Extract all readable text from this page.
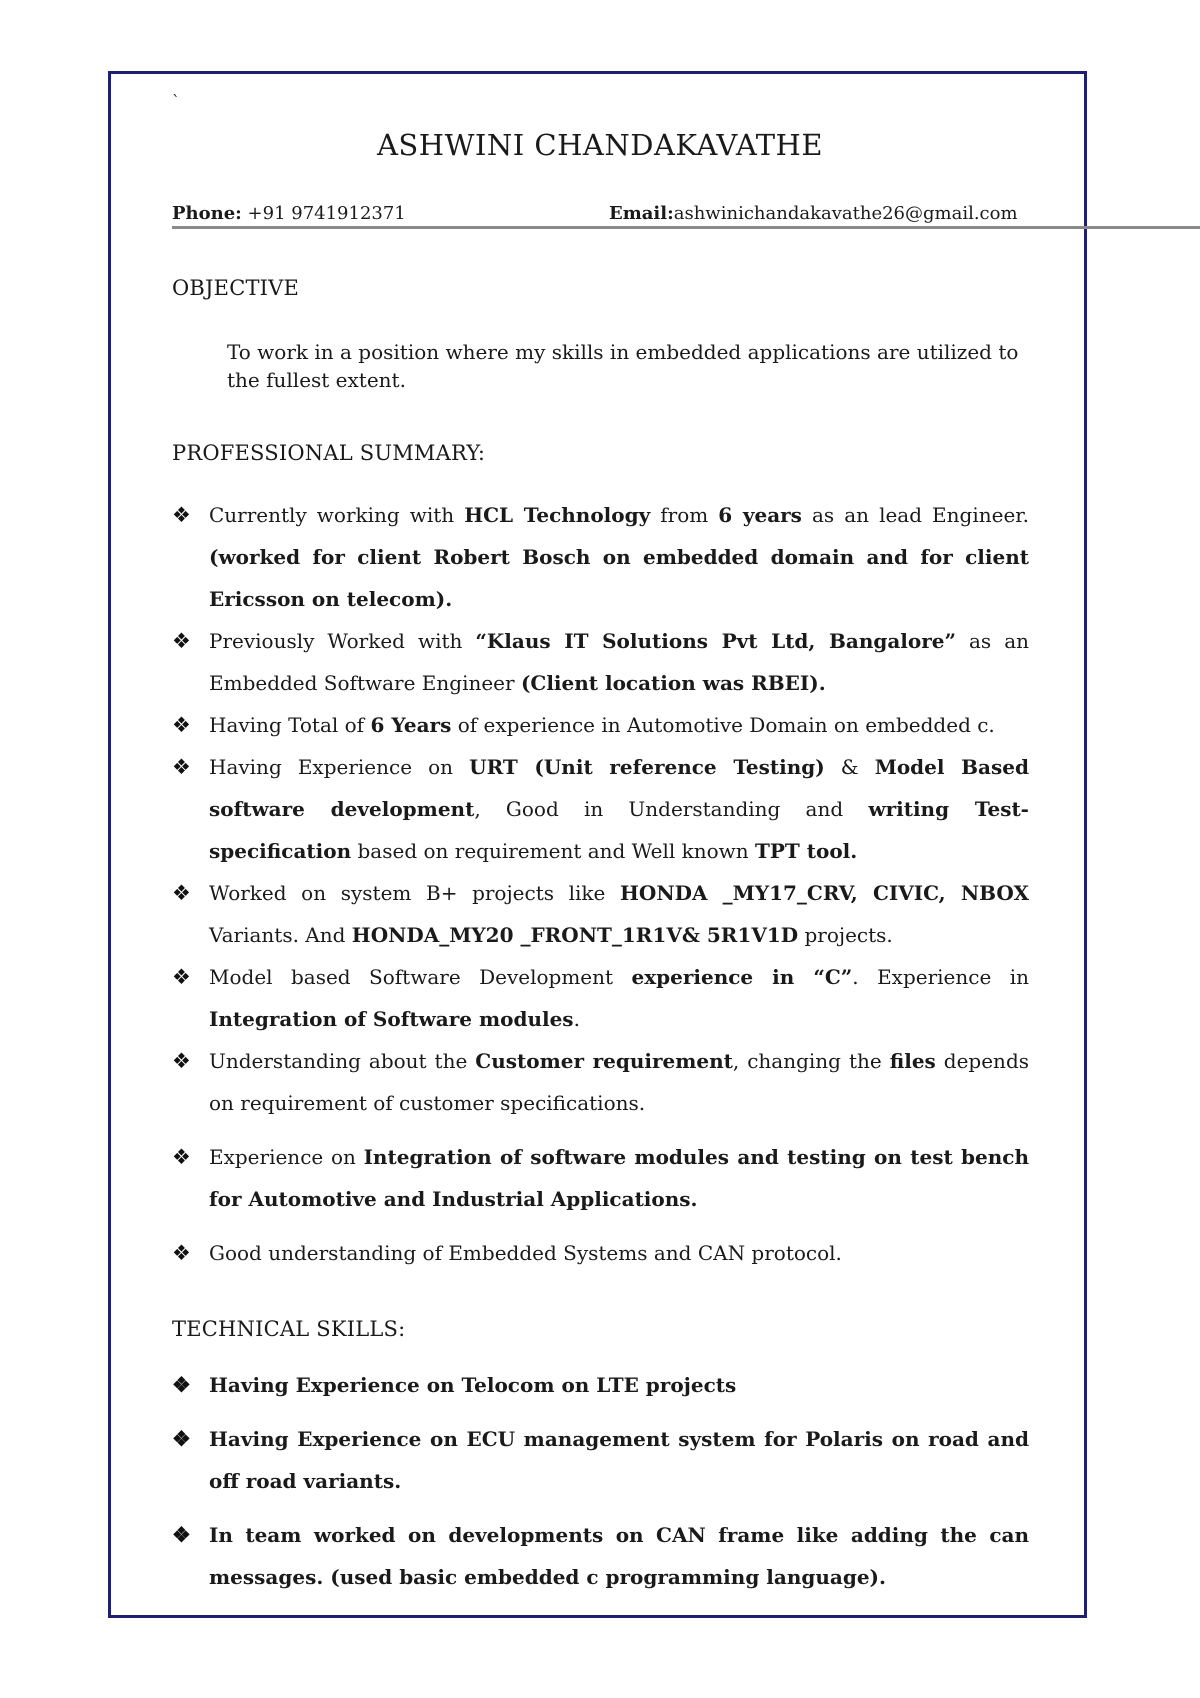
`
ASHWINI CHANDAKAVATHE
Phone: +91 9741912371	Email:ashwinichandakavathe26@gmail.com
OBJECTIVE
To work in a position where my skills in embedded applications are utilized to the fullest extent.
PROFESSIONAL SUMMARY:
❖ Currently working with HCL Technology from 6 years as an lead Engineer. (worked for client Robert Bosch on embedded domain and for client Ericsson on telecom).
❖ Previously Worked with “Klaus IT Solutions Pvt Ltd, Bangalore” as an Embedded Software Engineer (Client location was RBEI).
❖ Having Total of 6 Years of experience in Automotive Domain on embedded c.
❖ Having Experience on URT (Unit reference Testing) & Model Based software development, Good in Understanding and writing Test-specification based on requirement and Well known TPT tool.
❖ Worked on system B+ projects like HONDA _MY17_CRV, CIVIC, NBOX Variants. And HONDA_MY20 _FRONT_1R1V& 5R1V1D projects.
❖ Model based Software Development experience in “C”. Experience in Integration of Software modules.
❖ Understanding about the Customer requirement, changing the files depends on requirement of customer specifications.
❖ Experience on Integration of software modules and testing on test bench for Automotive and Industrial Applications.
❖ Good understanding of Embedded Systems and CAN protocol.
TECHNICAL SKILLS:
❖ Having Experience on Telocom on LTE projects
❖ Having Experience on ECU management system for Polaris on road and off road variants.
❖ In team worked on developments on CAN frame like adding the can messages. (used basic embedded c programming language).
